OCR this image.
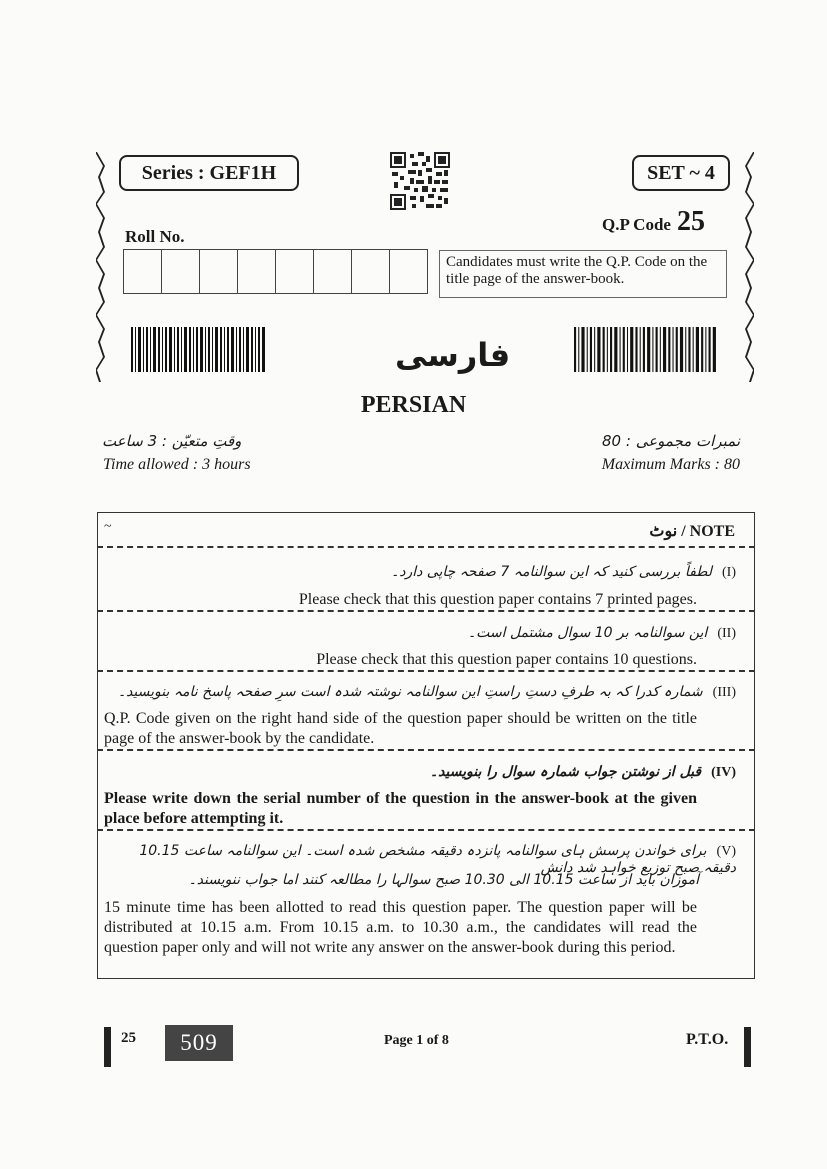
Series : GEF1H	SET ~ 4
Q.P Code 25
Roll No.
Candidates must write the Q.P. Code on the title page of the answer-book.
فارسی
PERSIAN
وقتِ متعیّن : 3 ساعت	نمبرات مجموعی : 80
Time allowed : 3 hours	Maximum Marks : 80
~	نوٹ / NOTE
(I)لطفاً بررسی کنید کہ این سوالنامہ 7 صفحہ چاپی دارد۔
Please check that this question paper contains 7 printed pages.
(II)این سوالنامہ بر 10 سوال مشتمل است۔
Please check that this question paper contains 10 questions.
(III)شمارہ کدرا کہ بہ طرفِ دستِ راستِ این سوالنامہ نوشتہ شدہ است سرِ صفحہ پاسخ نامہ بنویسید۔
Q.P. Code given on the right hand side of the question paper should be written on the title page of the answer-book by the candidate.
(IV)قبل از نوشتن جواب شمارہ سوال را بنویسید۔
Please write down the serial number of the question in the answer-book at the given place before attempting it.
(V)برای خواندن پرسش ہای سوالنامہ پانزدہ دقیقہ مشخص شدہ است۔ این سوالنامہ ساعت 10.15 دقیقہ صبح توزیع خواہد شد دانش
آموزان باید از ساعت 10.15 الی 10.30 صبح سوالہا را مطالعہ کنند اما جواب ننویسند۔
15 minute time has been allotted to read this question paper. The question paper will be distributed at 10.15 a.m. From 10.15 a.m. to 10.30 a.m., the candidates will read the question paper only and will not write any answer on the answer-book during this period.
25	509	Page 1 of 8	P.T.O.
